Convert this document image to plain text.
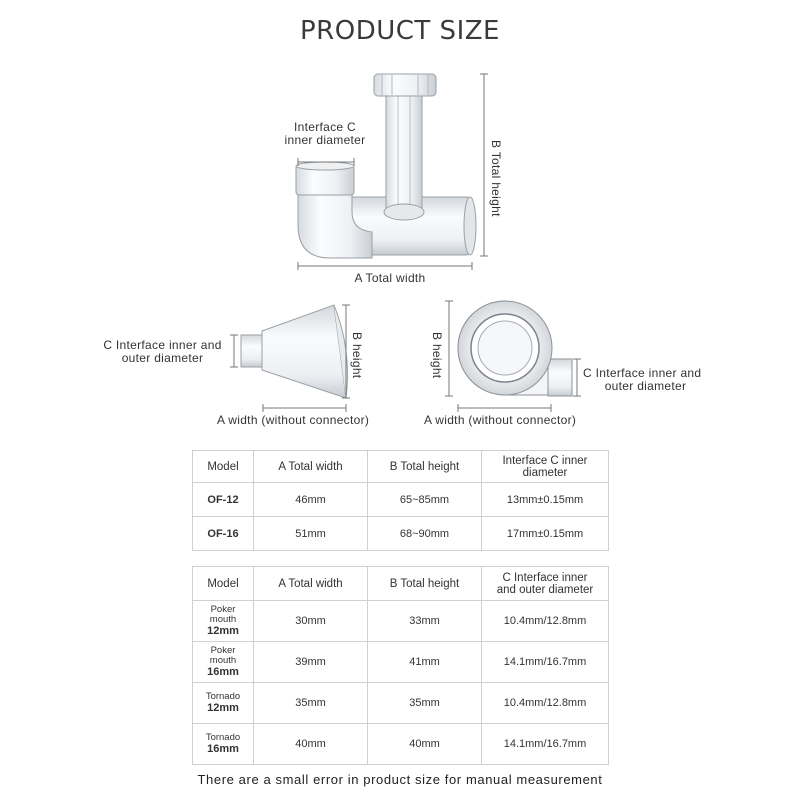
PRODUCT SIZE
Interface C
inner diameter	B Total height
A Total width
C Interface inner and
outer diameter	B height
A width (without connector)
B height	C Interface inner and
outer diameter
A width (without connector)
Model	A Total width	B Total height	Interface C inner
diameter

OF-12	46mm	65~85mm	13mm±0.15mm
OF-16	51mm	68~90mm	17mm±0.15mm
Model	A Total width	B Total height	C Interface inner
and outer diameter

Poker mouth
12mm	30mm	33mm	10.4mm/12.8mm

Poker mouth
16mm	39mm	41mm	14.1mm/16.7mm

Tornado
12mm	35mm	35mm	10.4mm/12.8mm

Tornado
16mm	40mm	40mm	14.1mm/16.7mm
There are a small error in product size for manual measurement
